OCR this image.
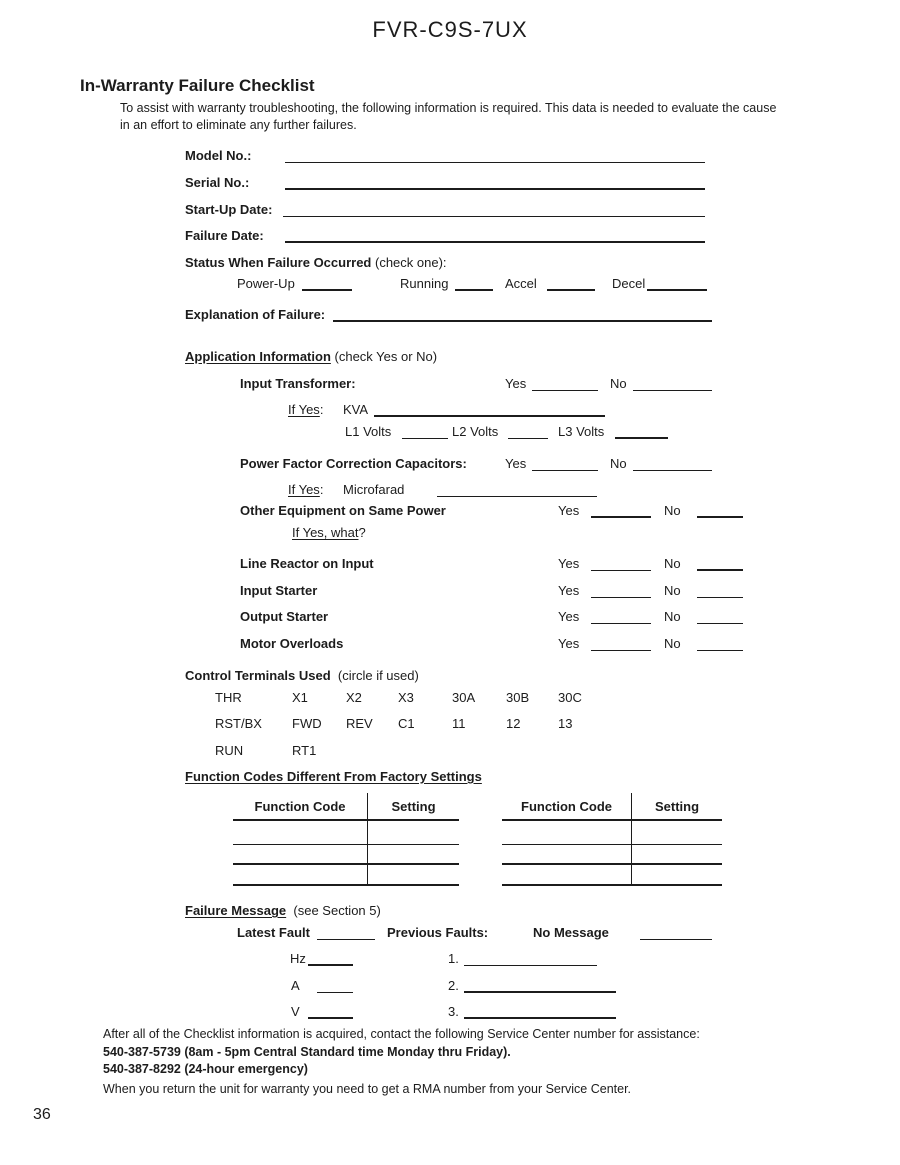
FVR-C9S-7UX
In-Warranty Failure Checklist
To assist with warranty troubleshooting, the following information is required. This data is needed to evaluate the cause in an effort to eliminate any further failures.
Model No.:
Serial No.:
Start-Up Date:
Failure Date:
Status When Failure Occurred (check one):
Power-Up	Running	Accel	Decel
Explanation of Failure:
Application Information (check Yes or No)
Input Transformer:	Yes	No
If Yes: KVA
L1 Volts	L2 Volts	L3 Volts
Power Factor Correction Capacitors:	Yes	No
If Yes: Microfarad
Other Equipment on Same Power	Yes	No
If Yes, what?
Line Reactor on Input	Yes	No
Input Starter	Yes	No
Output Starter	Yes	No
Motor Overloads	Yes	No
Control Terminals Used (circle if used)
THR	X1	X2	X3	30A 30B 30C
RST/BX FWD REV C1	11	12	13
RUN	RT1
Function Codes Different From Factory Settings
Function Code	Setting	Function Code	Setting
Failure Message (see Section 5)
Latest Fault	Previous Faults:	No Message
Hz	1.
A	2.
V	3.
After all of the Checklist information is acquired, contact the following Service Center number for assistance:
540-387-5739 (8am - 5pm Central Standard time Monday thru Friday).
540-387-8292 (24-hour emergency)
When you return the unit for warranty you need to get a RMA number from your Service Center.
36
